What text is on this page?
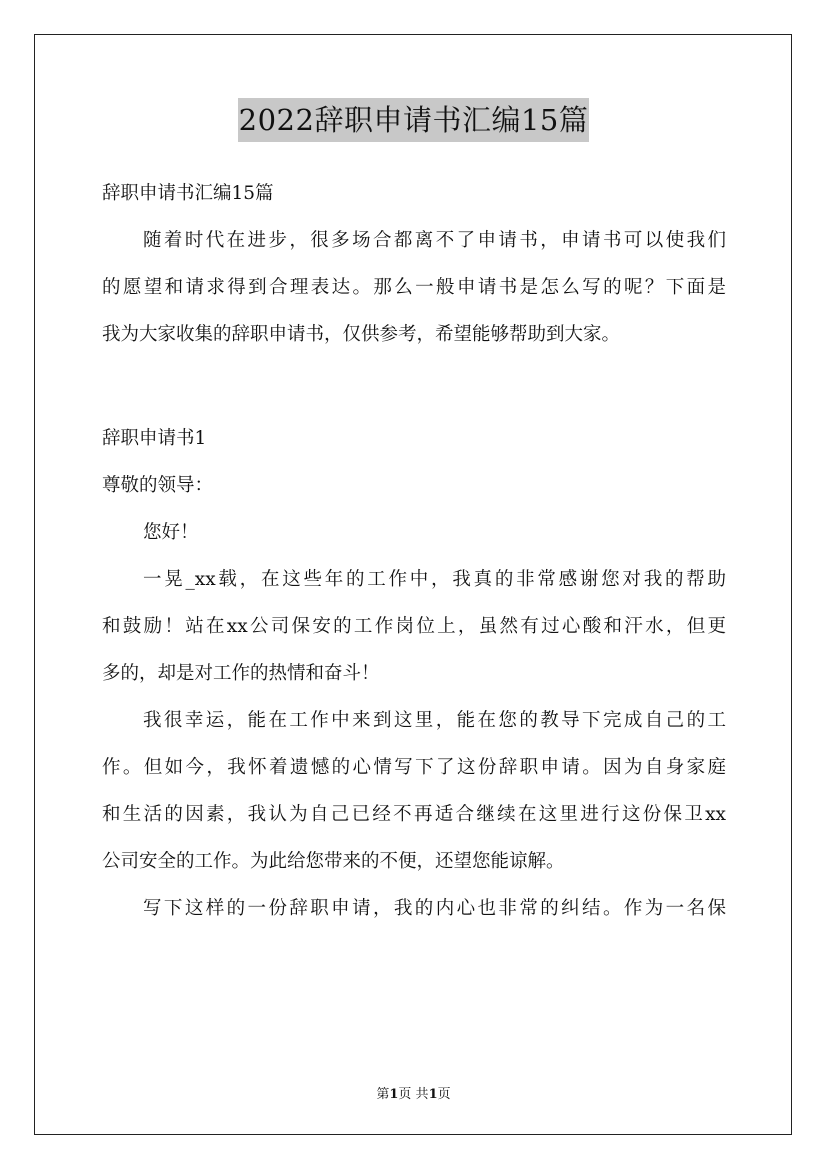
2022辞职申请书汇编15篇
辞职申请书汇编15篇
随着时代在进步，很多场合都离不了申请书，申请书可以使我们
的愿望和请求得到合理表达。那么一般申请书是怎么写的呢？下面是
我为大家收集的辞职申请书，仅供参考，希望能够帮助到大家。
辞职申请书1
尊敬的领导：
您好！
一晃_xx载，在这些年的工作中，我真的非常感谢您对我的帮助
和鼓励！站在xx公司保安的工作岗位上，虽然有过心酸和汗水，但更
多的，却是对工作的热情和奋斗！
我很幸运，能在工作中来到这里，能在您的教导下完成自己的工
作。但如今，我怀着遗憾的心情写下了这份辞职申请。因为自身家庭
和生活的因素，我认为自己已经不再适合继续在这里进行这份保卫xx
公司安全的工作。为此给您带来的不便，还望您能谅解。
写下这样的一份辞职申请，我的内心也非常的纠结。作为一名保
第1页 共1页
